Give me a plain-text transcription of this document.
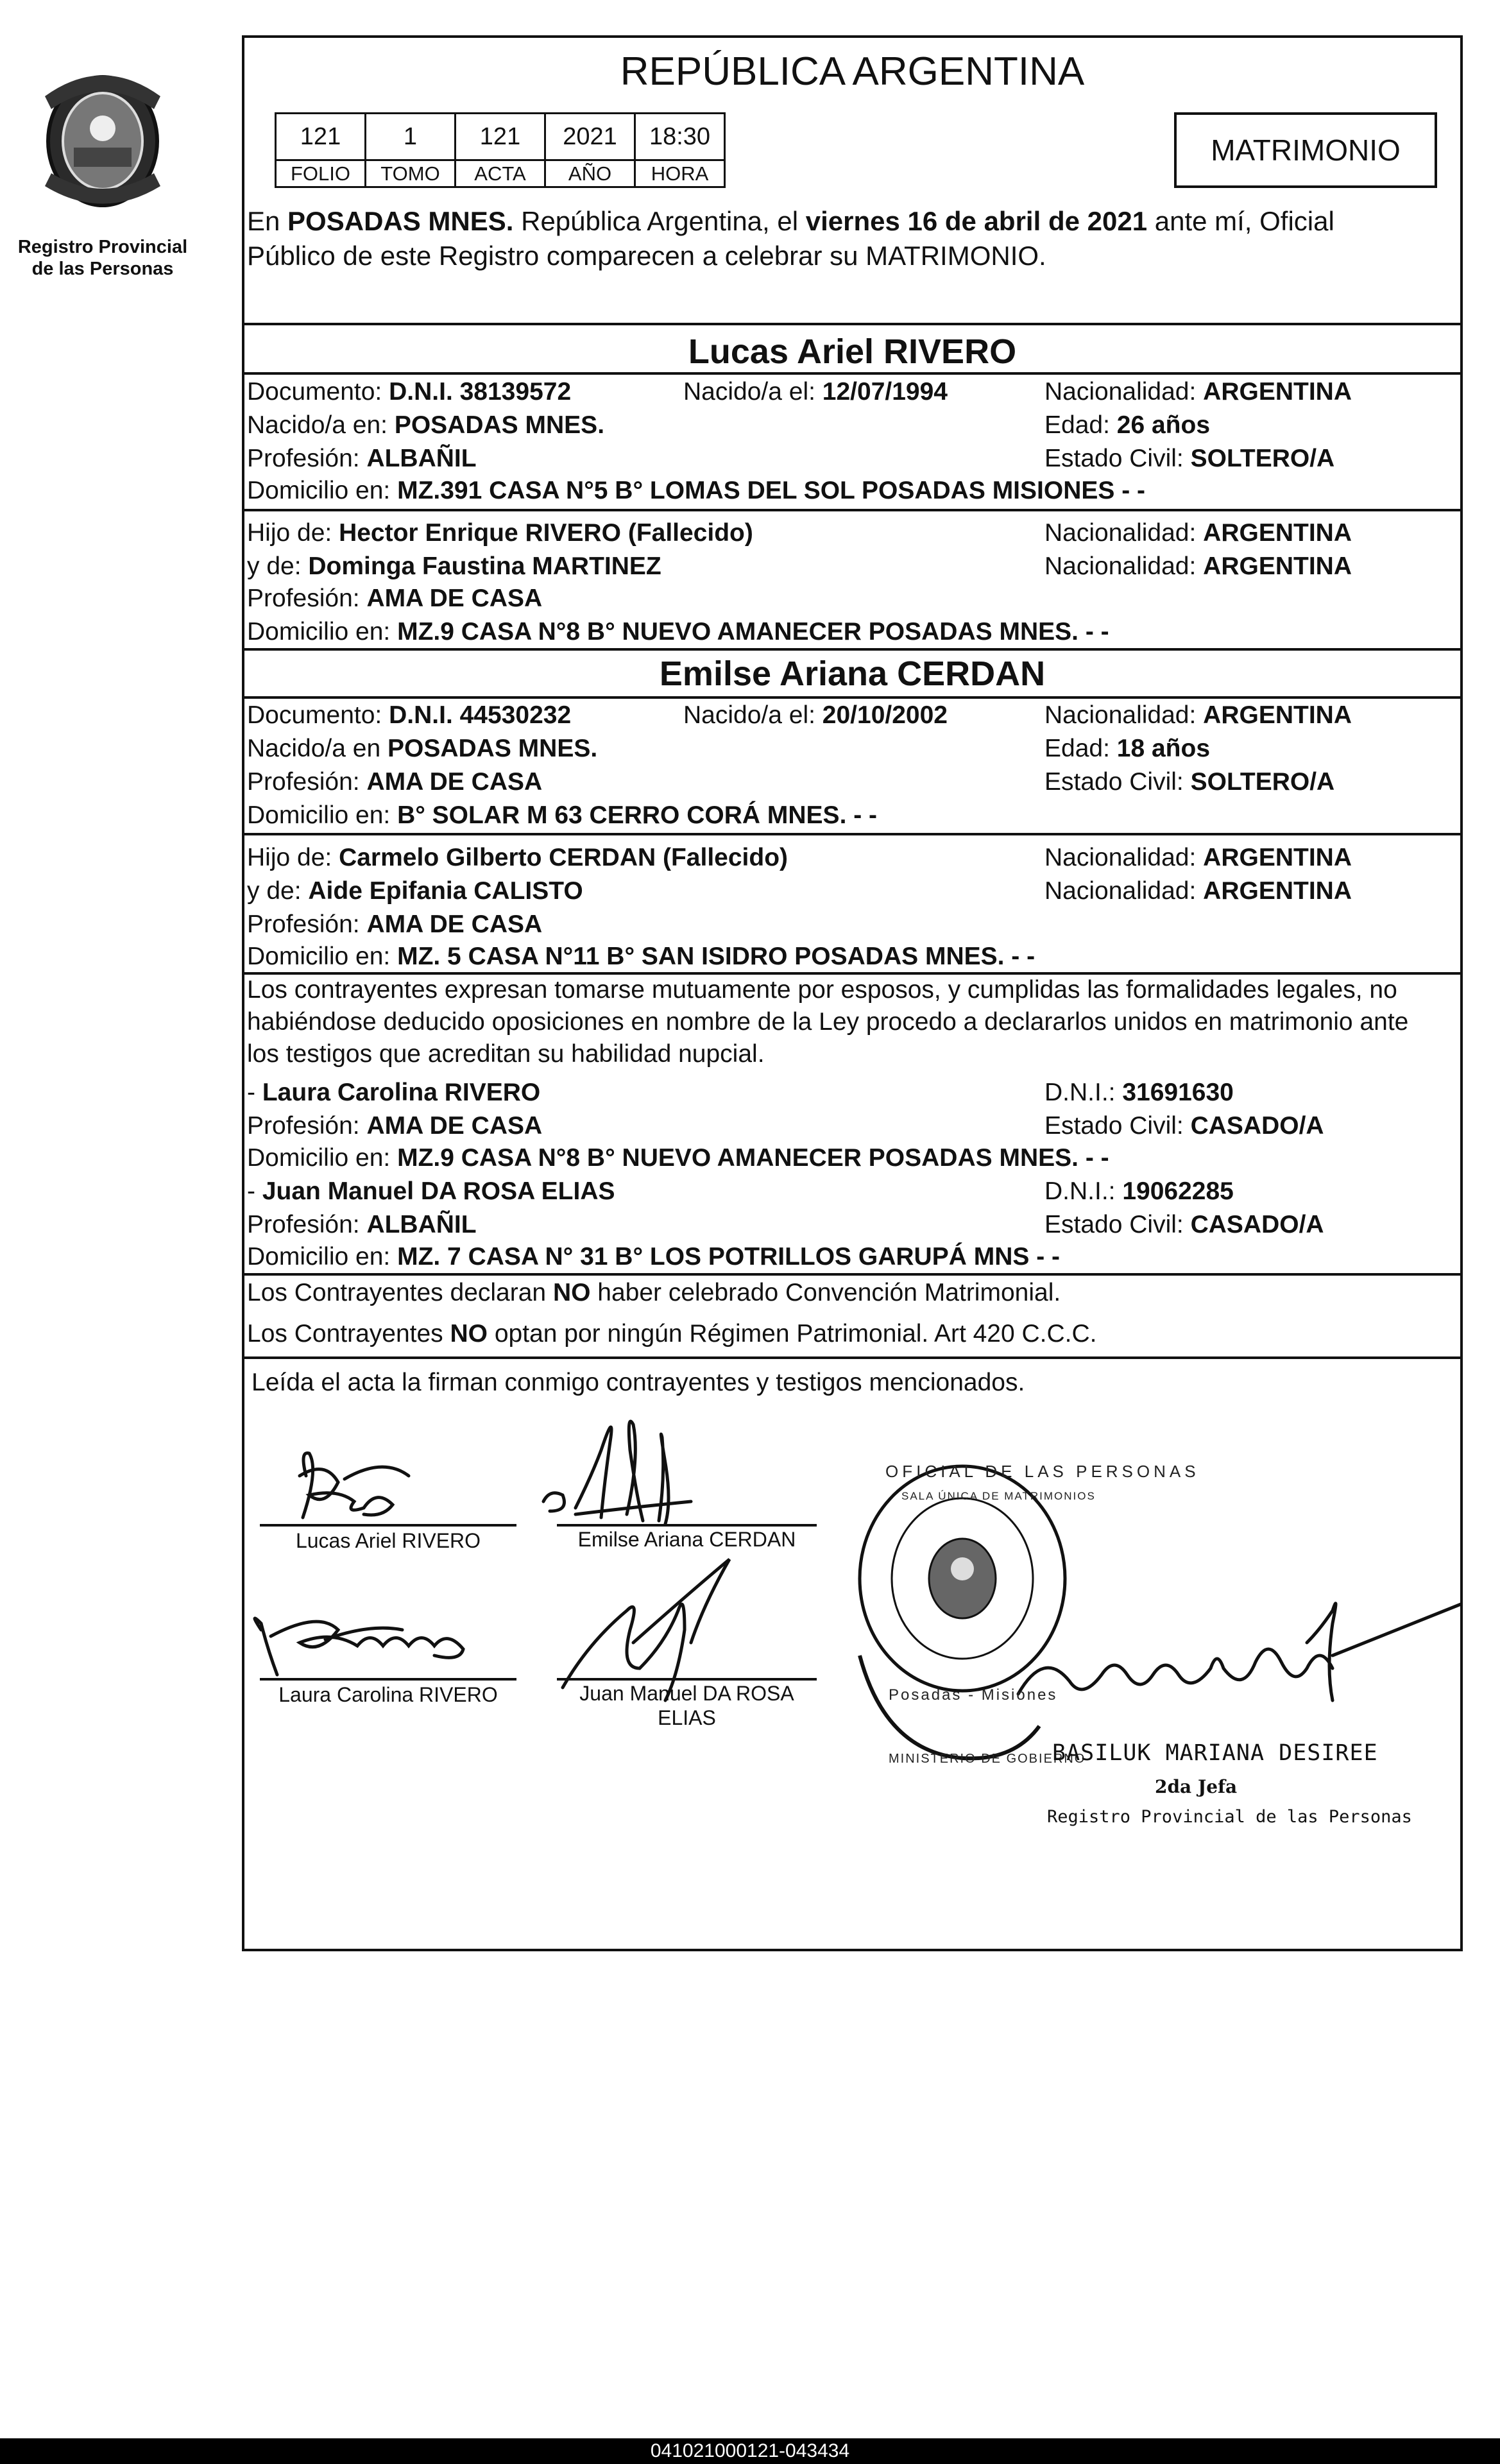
Registro Provincial
de las Personas
REPÚBLICA ARGENTINA
121	1	121	2021	18:30
FOLIO	TOMO	ACTA	AÑO	HORA
MATRIMONIO
En POSADAS MNES. República Argentina, el viernes 16 de abril de 2021 ante mí, Oficial
Público de este Registro comparecen a celebrar su MATRIMONIO.
Lucas Ariel RIVERO
Documento: D.N.I. 38139572	Nacido/a el: 12/07/1994	Nacionalidad: ARGENTINA
Nacido/a en: POSADAS MNES.	Edad: 26 años
Profesión: ALBAÑIL	Estado Civil: SOLTERO/A
Domicilio en: MZ.391 CASA N°5 B° LOMAS DEL SOL POSADAS MISIONES - -
Hijo de: Hector Enrique RIVERO (Fallecido)	Nacionalidad: ARGENTINA
y de: Dominga Faustina MARTINEZ	Nacionalidad: ARGENTINA
Profesión: AMA DE CASA
Domicilio en: MZ.9 CASA N°8 B° NUEVO AMANECER POSADAS MNES. - -
Emilse Ariana CERDAN
Documento: D.N.I. 44530232	Nacido/a el: 20/10/2002	Nacionalidad: ARGENTINA
Nacido/a en POSADAS MNES.	Edad: 18 años
Profesión: AMA DE CASA	Estado Civil: SOLTERO/A
Domicilio en: B° SOLAR M 63 CERRO CORÁ MNES. - -
Hijo de: Carmelo Gilberto CERDAN (Fallecido)	Nacionalidad: ARGENTINA
y de: Aide Epifania CALISTO	Nacionalidad: ARGENTINA
Profesión: AMA DE CASA
Domicilio en: MZ. 5 CASA N°11 B° SAN ISIDRO POSADAS MNES. - -
Los contrayentes expresan tomarse mutuamente por esposos, y cumplidas las formalidades legales, no
habiéndose deducido oposiciones en nombre de la Ley procedo a declararlos unidos en matrimonio ante
los testigos que acreditan su habilidad nupcial.
- Laura Carolina RIVERO	D.N.I.: 31691630
Profesión: AMA DE CASA	Estado Civil: CASADO/A
Domicilio en: MZ.9 CASA N°8 B° NUEVO AMANECER POSADAS MNES. - -
- Juan Manuel DA ROSA ELIAS	D.N.I.: 19062285
Profesión: ALBAÑIL	Estado Civil: CASADO/A
Domicilio en: MZ. 7 CASA N° 31 B° LOS POTRILLOS GARUPÁ MNS - -
Los Contrayentes declaran NO haber celebrado Convención Matrimonial.
Los Contrayentes NO optan por ningún Régimen Patrimonial. Art 420 C.C.C.
Leída el acta la firman conmigo contrayentes y testigos mencionados.
Lucas Ariel RIVERO	Emilse Ariana CERDAN
Laura Carolina RIVERO	Juan Manuel DA ROSA
ELIAS
OFICIAL DE LAS PERSONAS
SALA ÚNICA DE MATRIMONIOS
Posadas - Misiones
MINISTERIO DE GOBIERNO
BASILUK MARIANA DESIREE
2da Jefa
Registro Provincial de las Personas
041021000121-043434
